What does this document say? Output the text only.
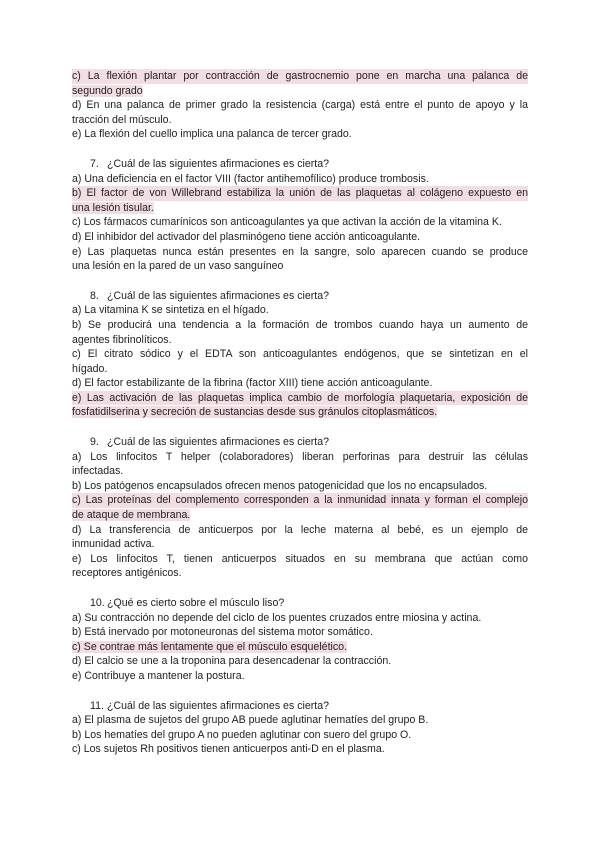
c) La flexión plantar por contracción de gastrocnemio pone en marcha una palanca de
segundo grado
d) En una palanca de primer grado la resistencia (carga) está entre el punto de apoyo y la
tracción del músculo.
e) La flexión del cuello implica una palanca de tercer grado.
7. ¿Cuál de las siguientes afirmaciones es cierta?
a) Una deficiencia en el factor VIII (factor antihemofílico) produce trombosis.
b) El factor de von Willebrand estabiliza la unión de las plaquetas al colágeno expuesto en
una lesión tisular.
c) Los fármacos cumarínicos son anticoagulantes ya que activan la acción de la vitamina K.
d) El inhibidor del activador del plasminógeno tiene acción anticoagulante.
e) Las plaquetas nunca están presentes en la sangre, solo aparecen cuando se produce
una lesión en la pared de un vaso sanguíneo
8. ¿Cuál de las siguientes afirmaciones es cierta?
a) La vitamina K se sintetiza en el hígado.
b) Se producirá una tendencia a la formación de trombos cuando haya un aumento de
agentes fibrinolíticos.
c) El citrato sódico y el EDTA son anticoagulantes endógenos, que se sintetizan en el
hígado.
d) El factor estabilizante de la fibrina (factor XIII) tiene acción anticoagulante.
e) Las activación de las plaquetas implica cambio de morfología plaquetaria, exposición de
fosfatidilserina y secreción de sustancias desde sus gránulos citoplasmáticos.
9. ¿Cuál de las siguientes afirmaciones es cierta?
a) Los linfocitos T helper (colaboradores) liberan perforinas para destruir las células
infectadas.
b) Los patógenos encapsulados ofrecen menos patogenicidad que los no encapsulados.
c) Las proteínas del complemento corresponden a la inmunidad innata y forman el complejo
de ataque de membrana.
d) La transferencia de anticuerpos por la leche materna al bebé, es un ejemplo de
inmunidad activa.
e) Los linfocitos T, tienen anticuerpos situados en su membrana que actúan como
receptores antigénicos.
10. ¿Qué es cierto sobre el músculo liso?
a) Su contracción no depende del ciclo de los puentes cruzados entre miosina y actina.
b) Está inervado por motoneuronas del sistema motor somático.
c) Se contrae más lentamente que el músculo esquelético.
d) El calcio se une a la troponina para desencadenar la contracción.
e) Contribuye a mantener la postura.
11. ¿Cuál de las siguientes afirmaciones es cierta?
a) El plasma de sujetos del grupo AB puede aglutinar hematíes del grupo B.
b) Los hematíes del grupo A no pueden aglutinar con suero del grupo O.
c) Los sujetos Rh positivos tienen anticuerpos anti-D en el plasma.
